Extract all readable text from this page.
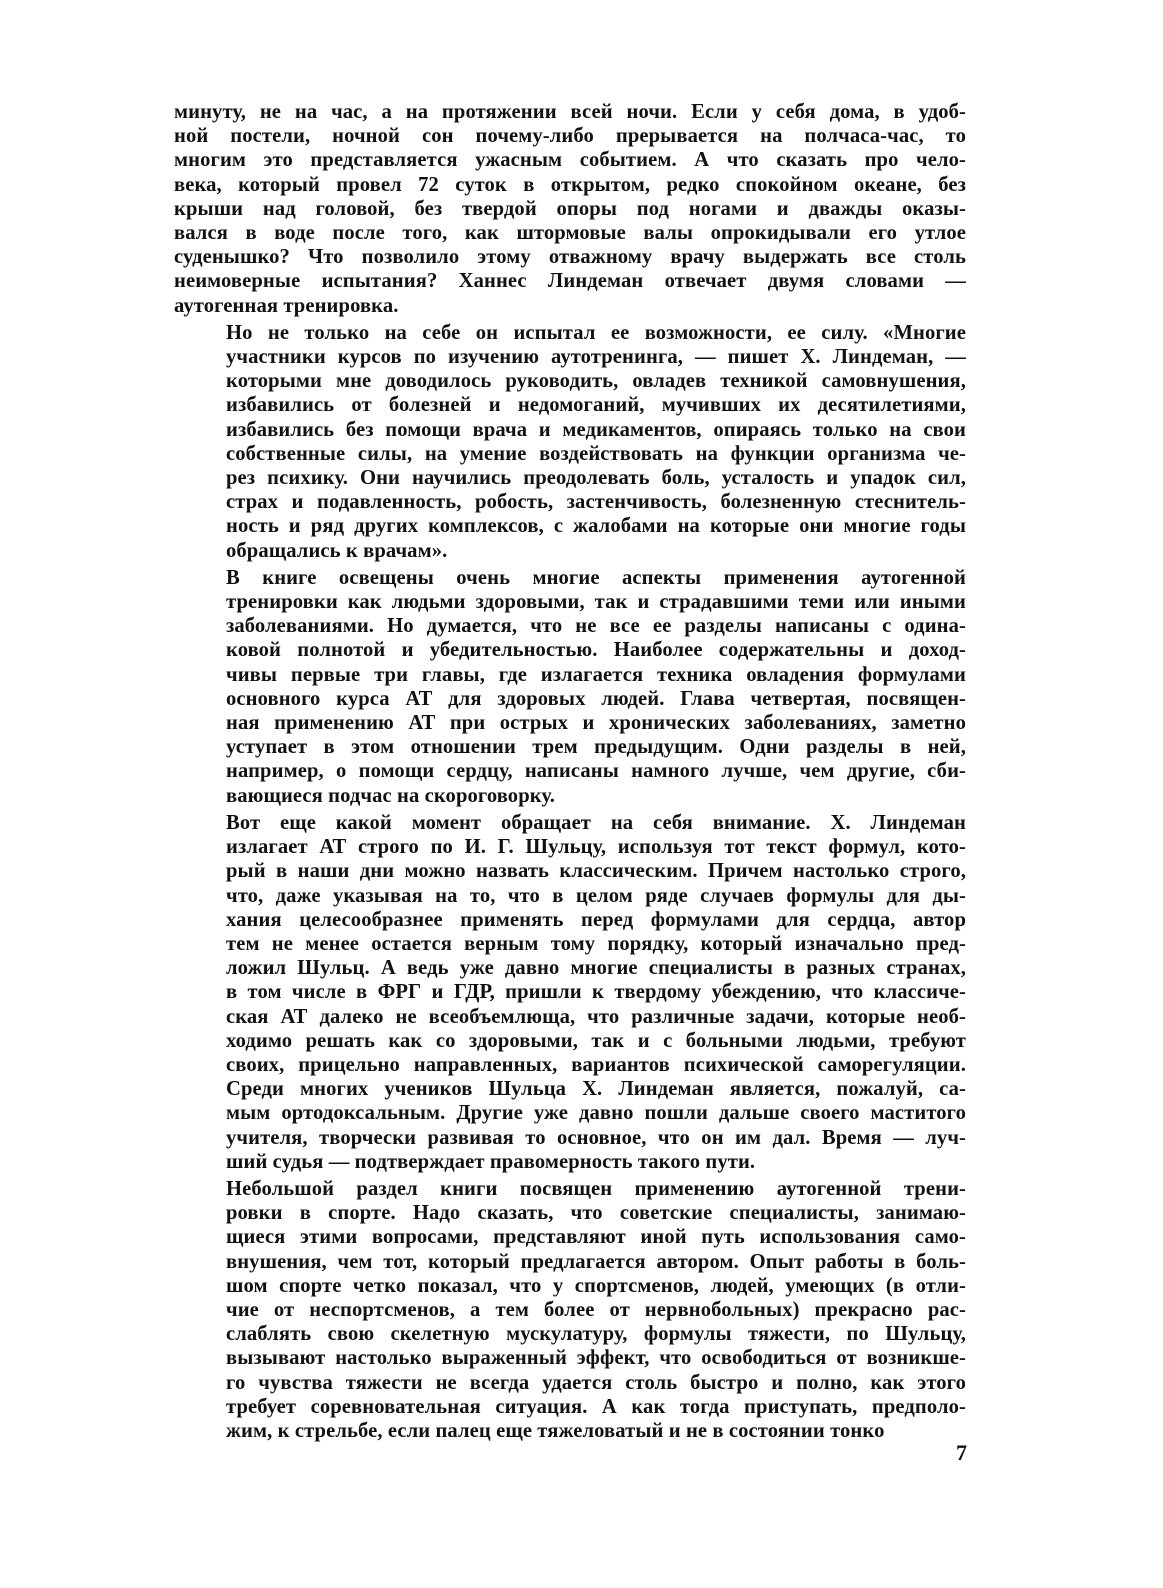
минуту, не на час, а на протяжении всей ночи. Если у себя дома, в удоб-
ной постели, ночной сон почему-либо прерывается на полчаса-час, то
многим это представляется ужасным событием. А что сказать про чело-
века, который провел 72 суток в открытом, редко спокойном океане, без
крыши над головой, без твердой опоры под ногами и дважды оказы-
вался в воде после того, как штормовые валы опрокидывали его утлое
суденышко? Что позволило этому отважному врачу выдержать все столь
неимоверные испытания? Ханнес Линдеман отвечает двумя словами —
аутогенная тренировка.
Но не только на себе он испытал ее возможности, ее силу. «Многие
участники курсов по изучению аутотренинга, — пишет Х. Линдеман, —
которыми мне доводилось руководить, овладев техникой самовнушения,
избавились от болезней и недомоганий, мучивших их десятилетиями,
избавились без помощи врача и медикаментов, опираясь только на свои
собственные силы, на умение воздействовать на функции организма че-
рез психику. Они научились преодолевать боль, усталость и упадок сил,
страх и подавленность, робость, застенчивость, болезненную стеснитель-
ность и ряд других комплексов, с жалобами на которые они многие годы
обращались к врачам».
В книге освещены очень многие аспекты применения аутогенной
тренировки как людьми здоровыми, так и страдавшими теми или иными
заболеваниями. Но думается, что не все ее разделы написаны с одина-
ковой полнотой и убедительностью. Наиболее содержательны и доход-
чивы первые три главы, где излагается техника овладения формулами
основного курса АТ для здоровых людей. Глава четвертая, посвящен-
ная применению АТ при острых и хронических заболеваниях, заметно
уступает в этом отношении трем предыдущим. Одни разделы в ней,
например, о помощи сердцу, написаны намного лучше, чем другие, сби-
вающиеся подчас на скороговорку.
Вот еще какой момент обращает на себя внимание. Х. Линдеман
излагает АТ строго по И. Г. Шульцу, используя тот текст формул, кото-
рый в наши дни можно назвать классическим. Причем настолько строго,
что, даже указывая на то, что в целом ряде случаев формулы для ды-
хания целесообразнее применять перед формулами для сердца, автор
тем не менее остается верным тому порядку, который изначально пред-
ложил Шульц. А ведь уже давно многие специалисты в разных странах,
в том числе в ФРГ и ГДР, пришли к твердому убеждению, что классиче-
ская АТ далеко не всеобъемлюща, что различные задачи, которые необ-
ходимо решать как со здоровыми, так и с больными людьми, требуют
своих, прицельно направленных, вариантов психической саморегуляции.
Среди многих учеников Шульца Х. Линдеман является, пожалуй, са-
мым ортодоксальным. Другие уже давно пошли дальше своего маститого
учителя, творчески развивая то основное, что он им дал. Время — луч-
ший судья — подтверждает правомерность такого пути.
Небольшой раздел книги посвящен применению аутогенной трени-
ровки в спорте. Надо сказать, что советские специалисты, занимаю-
щиеся этими вопросами, представляют иной путь использования само-
внушения, чем тот, который предлагается автором. Опыт работы в боль-
шом спорте четко показал, что у спортсменов, людей, умеющих (в отли-
чие от неспортсменов, а тем более от нервнобольных) прекрасно рас-
слаблять свою скелетную мускулатуру, формулы тяжести, по Шульцу,
вызывают настолько выраженный эффект, что освободиться от возникше-
го чувства тяжести не всегда удается столь быстро и полно, как этого
требует соревновательная ситуация. А как тогда приступать, предполо-
жим, к стрельбе, если палец еще тяжеловатый и не в состоянии тонко
7
